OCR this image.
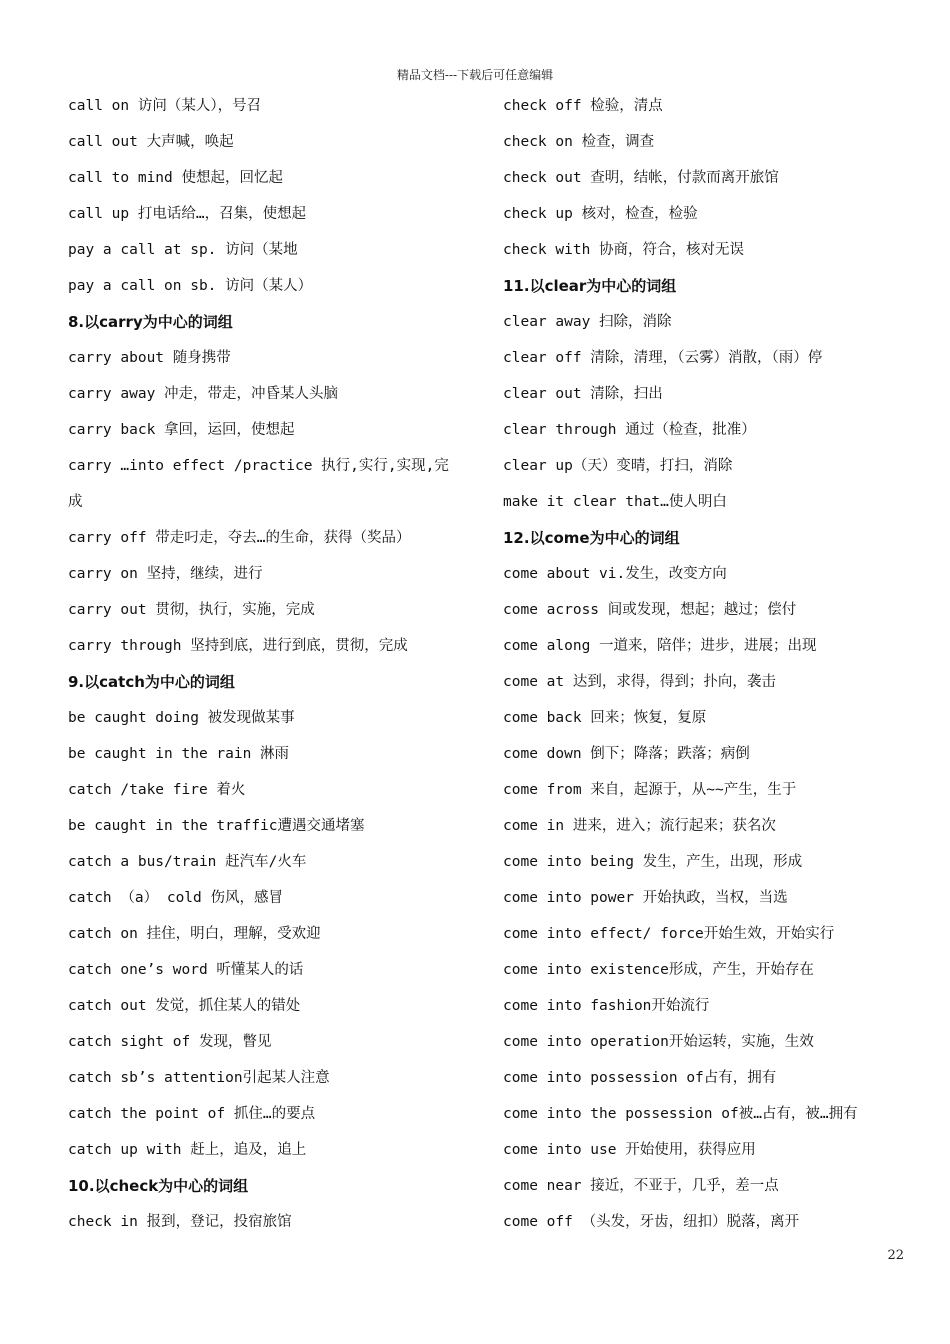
精品文档---下载后可任意编辑
call on 访问（某人），号召
call out 大声喊，唤起
call to mind 使想起，回忆起
call up 打电话给…，召集，使想起
pay a call at sp. 访问（某地
pay a call on sb. 访问（某人）
8.以carry为中心的词组
carry about 随身携带
carry away 冲走，带走，冲昏某人头脑
carry back 拿回，运回，使想起
carry …into effect /practice 执行,实行,实现,完
成
carry off 带走叼走，夺去…的生命，获得（奖品）
carry on 坚持，继续，进行
carry out 贯彻，执行，实施，完成
carry through 坚持到底，进行到底，贯彻，完成
9.以catch为中心的词组
be caught doing 被发现做某事
be caught in the rain 淋雨
catch /take fire 着火
be caught in the traffic遭遇交通堵塞
catch a bus/train 赶汽车/火车
catch （a） cold 伤风，感冒
catch on 挂住，明白，理解，受欢迎
catch one’s word 听懂某人的话
catch out 发觉，抓住某人的错处
catch sight of 发现，瞥见
catch sb’s attention引起某人注意
catch the point of 抓住…的要点
catch up with 赶上，追及，追上
10.以check为中心的词组
check in 报到，登记，投宿旅馆
check off 检验，清点
check on 检查，调查
check out 查明，结帐，付款而离开旅馆
check up 核对，检查，检验
check with 协商，符合，核对无误
11.以clear为中心的词组
clear away 扫除，消除
clear off 清除，清理，（云雾）消散，（雨）停
clear out 清除，扫出
clear through 通过（检查，批准）
clear up（天）变晴，打扫，消除
make it clear that…使人明白
12.以come为中心的词组
come about vi.发生，改变方向
come across 间或发现，想起；越过；偿付
come along 一道来，陪伴；进步，进展；出现
come at 达到，求得，得到；扑向，袭击
come back 回来；恢复，复原
come down 倒下；降落；跌落；病倒
come from 来自，起源于，从~~产生，生于
come in 进来，进入；流行起来；获名次
come into being 发生，产生，出现，形成
come into power 开始执政，当权，当选
come into effect/ force开始生效，开始实行
come into existence形成，产生，开始存在
come into fashion开始流行
come into operation开始运转，实施，生效
come into possession of占有，拥有
come into the possession of被…占有，被…拥有
come into use 开始使用，获得应用
come near 接近，不亚于，几乎，差一点
come off （头发，牙齿，纽扣）脱落，离开
22
